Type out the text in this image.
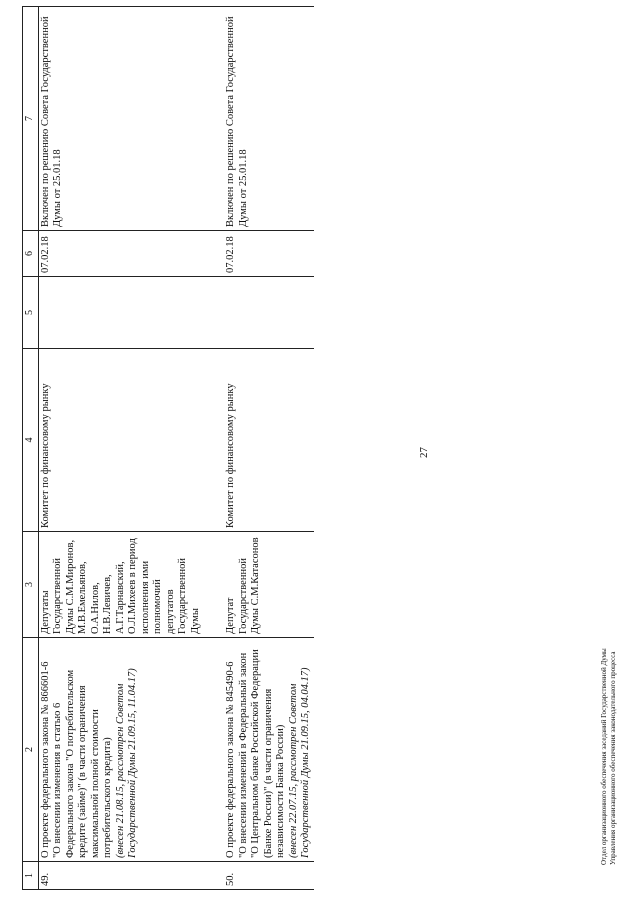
27
1	2	3	4	5	6	7
49.	О проекте федерального закона № 866601-6 "О внесении изменения в статью 6 Федерального закона "О потребительском кредите (займе)" (в части ограничения максимальной полной стоимости потребительского кредита) (внесен 21.08.15, рассмотрен Советом Государственной Думы 21.09.15, 11.04.17)	Депутаты Государственной Думы С.М.Миронов, М.В.Емельянов, О.А.Нилов, Н.В.Левичев, А.Г.Тарнавский, О.Л.Михеев в период исполнения ими полномочий депутатов Государственной Думы	Комитет по финансовому рынку		07.02.18	Включен по решению Совета Государственной Думы от 25.01.18
50.	О проекте федерального закона № 845490-6 "О внесении изменений в Федеральный закон "О Центральном банке Российской Федерации (Банке России)" (в части ограничения независимости Банка России) (внесен 22.07.15, рассмотрен Советом Государственной Думы 21.09.15, 04.04.17)	Депутат Государственной Думы С.М.Катасонов	Комитет по финансовому рынку		07.02.18	Включен по решению Совета Государственной Думы от 25.01.18
Отдел организационного обеспечения заседаний Государственной Думы Управления организационного обеспечения законодательного процесса
